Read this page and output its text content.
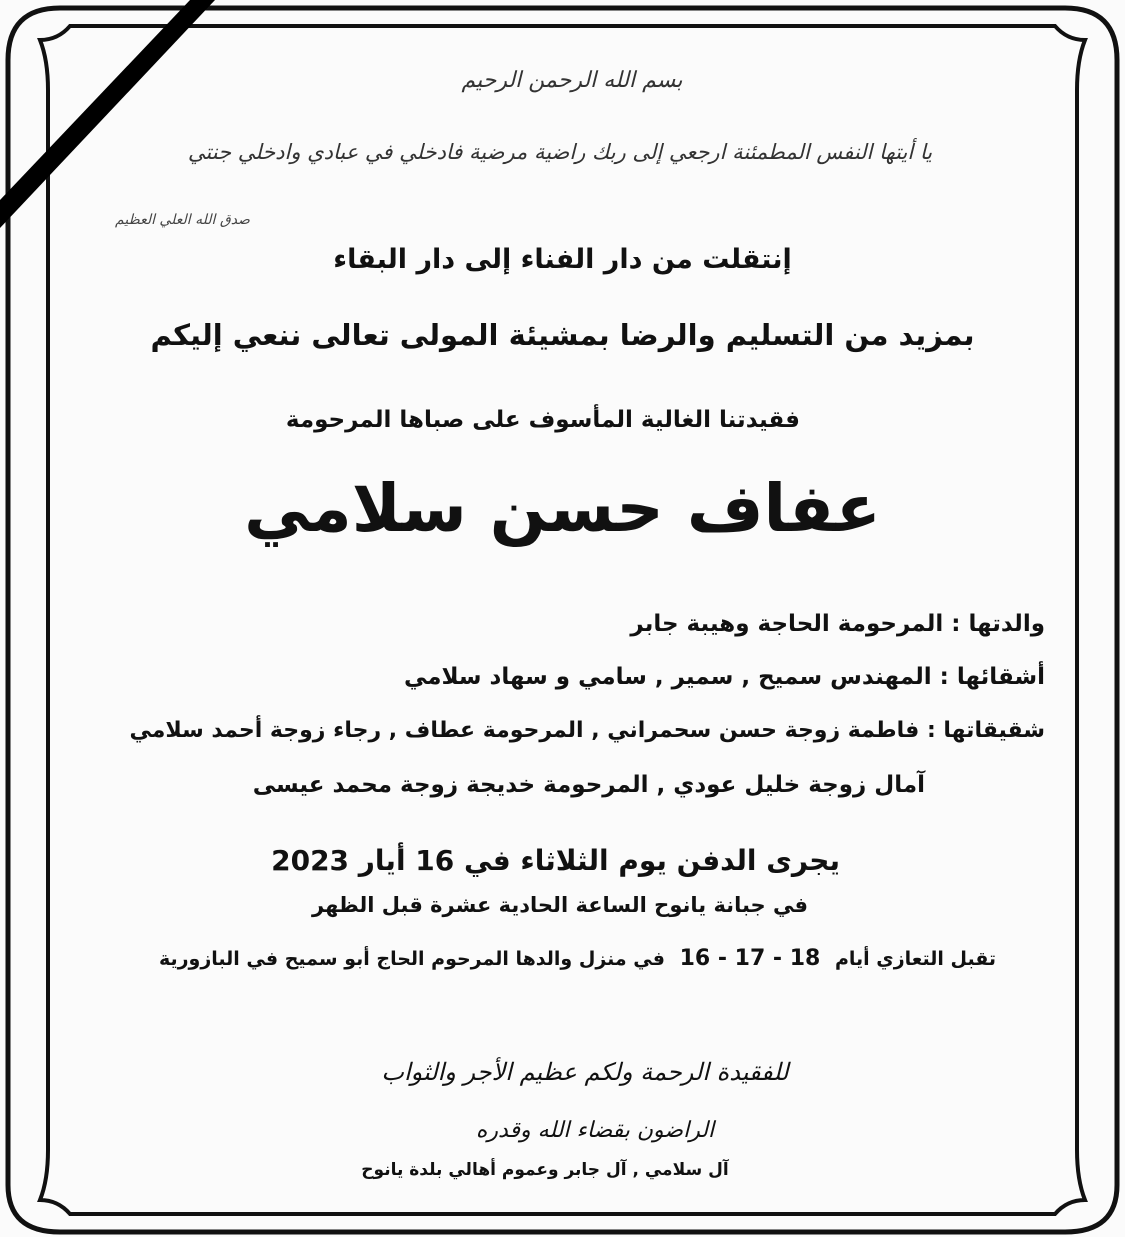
بسم الله الرحمن الرحيم
يا أيتها النفس المطمئنة ارجعي إلى ربك راضية مرضية فادخلي في عبادي وادخلي جنتي
صدق الله العلي العظيم
إنتقلت من دار الفناء إلى دار البقاء
بمزيد من التسليم والرضا بمشيئة المولى تعالى ننعي إليكم
فقيدتنا الغالية المأسوف على صباها المرحومة
عفاف حسن سلامي
والدتها : المرحومة الحاجة وهيبة جابر
أشقائها : المهندس سميح , سمير , سامي و سهاد سلامي
شقيقاتها : فاطمة زوجة حسن سحمراني , المرحومة عطاف , رجاء زوجة أحمد سلامي
آمال زوجة خليل عودي , المرحومة خديجة زوجة محمد عيسى
يجرى الدفن يوم الثلاثاء في 16 أيار 2023
في جبانة يانوح الساعة الحادية عشرة قبل الظهر
تقبل التعازي أيام 16 - 17 - 18 في منزل والدها المرحوم الحاج أبو سميح في البازورية
للفقيدة الرحمة ولكم عظيم الأجر والثواب
الراضون بقضاء الله وقدره
آل سلامي , آل جابر وعموم أهالي بلدة يانوح
